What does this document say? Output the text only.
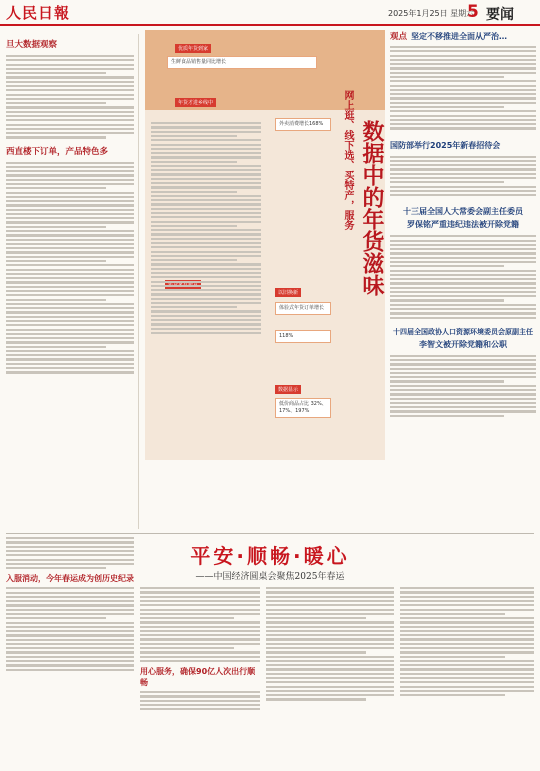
人民日報	2025年1月25日 星期六
5 要闻
旦大数据观察
西直楼下订单，产品特色多	网上逛、线下选、买特产，服务 数据中的年货滋味
优质年货到家
年货才进乡线中
以旧换新
数据显示
生鲜食品销售量同比增长
外卖消费增长168%
体验式年货订单增长
低价商品占比 32%、17%、197%
118%
观点 坚定不移推进全面从严治…
国防部举行2025年新春招待会
十三届全国人大常委会副主任委员
罗保铭严重违纪违法被开除党籍
十四届全国政协人口资源环境委员会原副主任
李智文被开除党籍和公职
平安·顺畅·暖心
——中国经济圆桌会聚焦2025年春运
入服消动，今年春运成为创历史纪录
用心服务，确保90亿人次出行顺畅
